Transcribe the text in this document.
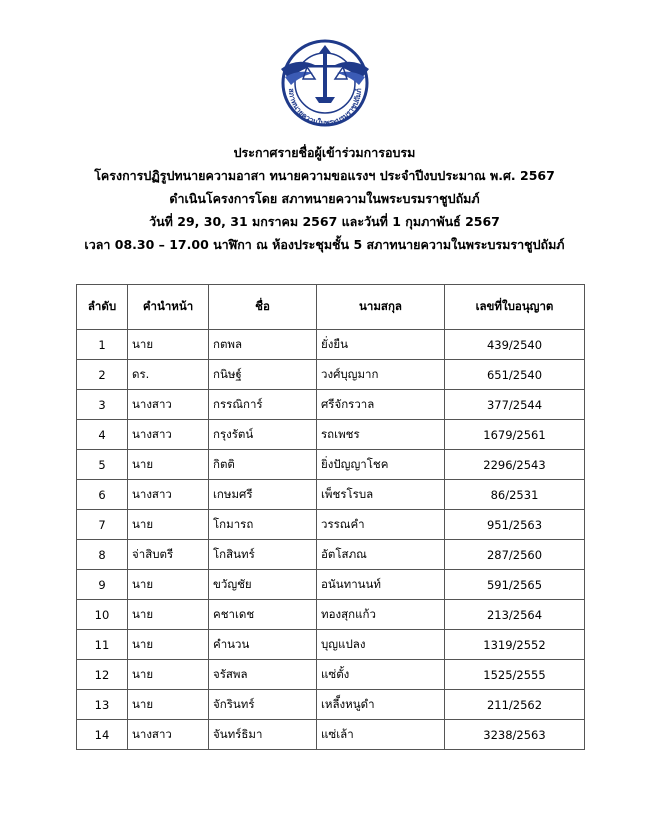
สภาทนายความในพระบรมราชูปถัมภ์
ประกาศรายชื่อผู้เข้าร่วมการอบรม
โครงการปฏิรูปทนายความอาสา ทนายความขอแรงฯ ประจำปีงบประมาณ พ.ศ. 2567
ดำเนินโครงการโดย สภาทนายความในพระบรมราชูปถัมภ์
วันที่ 29, 30, 31 มกราคม 2567 และวันที่ 1 กุมภาพันธ์ 2567
เวลา 08.30 – 17.00 นาฬิกา ณ ห้องประชุมชั้น 5 สภาทนายความในพระบรมราชูปถัมภ์
ลำดับ	คำนำหน้า	ชื่อ	นามสกุล	เลขที่ใบอนุญาต
1	นาย	กตพล	ยั่งยืน	439/2540
2	ดร.	กนิษฐ์	วงศ์บุญมาก	651/2540
3	นางสาว	กรรณิการ์	ศรีจักรวาล	377/2544
4	นางสาว	กรุงรัตน์	รถเพชร	1679/2561
5	นาย	กิตติ	ยิ่งปัญญาโชค	2296/2543
6	นางสาว	เกษมศรี	เพ็ชรโรบล	86/2531
7	นาย	โกมารถ	วรรณคำ	951/2563
8	จ่าสิบตรี	โกสินทร์	อัตโสภณ	287/2560
9	นาย	ขวัญชัย	อนันทานนท์	591/2565
10	นาย	คชาเดช	ทองสุกแก้ว	213/2564
11	นาย	คำนวน	บุญแปลง	1319/2552
12	นาย	จรัสพล	แซ่ตั้ง	1525/2555
13	นาย	จักรินทร์	เหลี็งหนูดำ	211/2562
14	นางสาว	จันทร์ธิมา	แซ่เล้า	3238/2563
